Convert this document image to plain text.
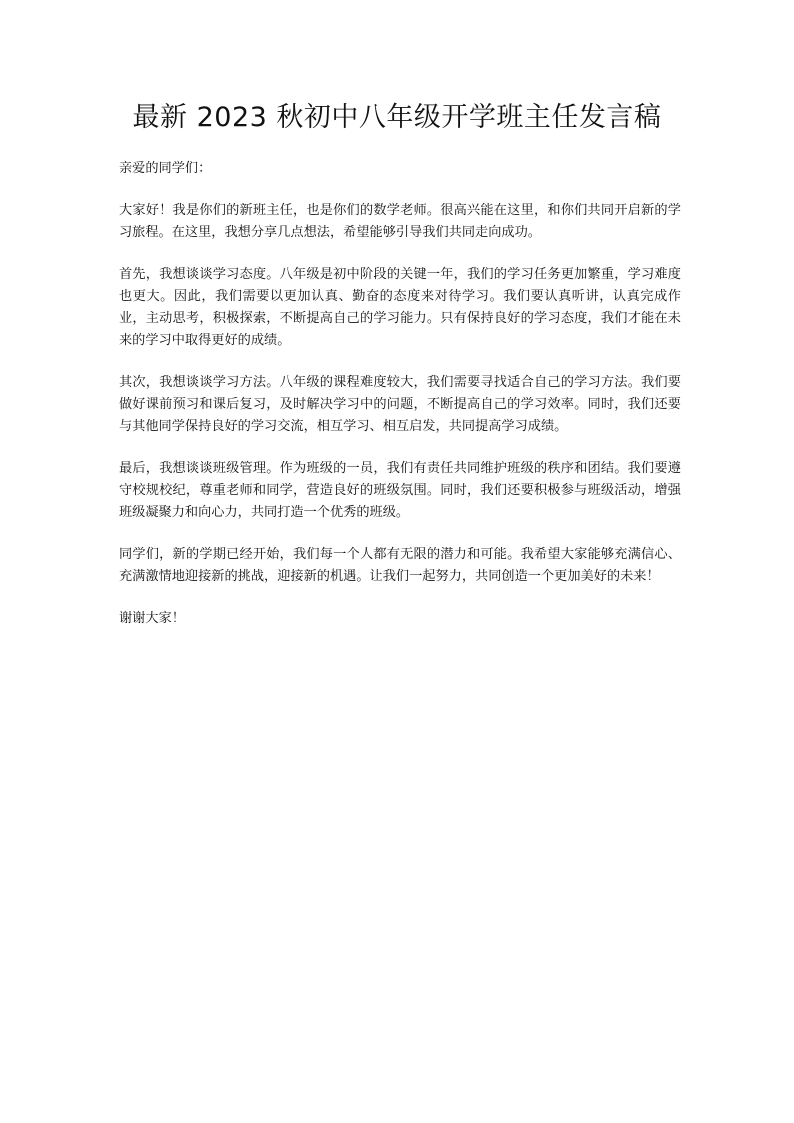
最新 2023 秋初中八年级开学班主任发言稿

亲爱的同学们：

大家好！我是你们的新班主任，也是你们的数学老师。很高兴能在这里，和你们共同开启新的学习旅程。在这里，我想分享几点想法，希望能够引导我们共同走向成功。

首先，我想谈谈学习态度。八年级是初中阶段的关键一年，我们的学习任务更加繁重，学习难度也更大。因此，我们需要以更加认真、勤奋的态度来对待学习。我们要认真听讲，认真完成作业，主动思考，积极探索，不断提高自己的学习能力。只有保持良好的学习态度，我们才能在未来的学习中取得更好的成绩。

其次，我想谈谈学习方法。八年级的课程难度较大，我们需要寻找适合自己的学习方法。我们要做好课前预习和课后复习，及时解决学习中的问题，不断提高自己的学习效率。同时，我们还要与其他同学保持良好的学习交流，相互学习、相互启发，共同提高学习成绩。

最后，我想谈谈班级管理。作为班级的一员，我们有责任共同维护班级的秩序和团结。我们要遵守校规校纪，尊重老师和同学，营造良好的班级氛围。同时，我们还要积极参与班级活动，增强班级凝聚力和向心力，共同打造一个优秀的班级。

同学们，新的学期已经开始，我们每一个人都有无限的潜力和可能。我希望大家能够充满信心、充满激情地迎接新的挑战，迎接新的机遇。让我们一起努力，共同创造一个更加美好的未来！

谢谢大家！
